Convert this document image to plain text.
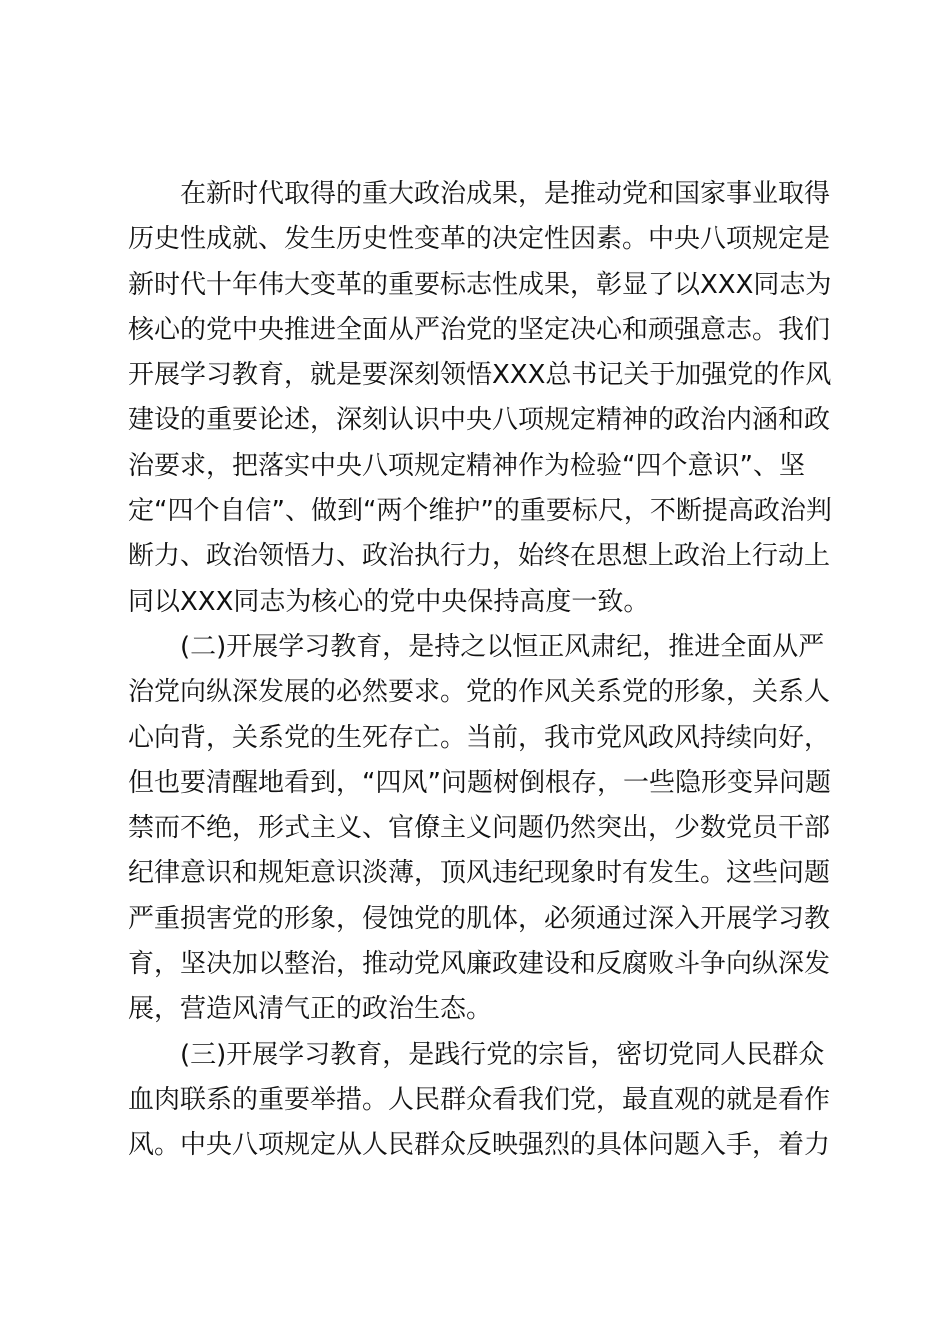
在新时代取得的重大政治成果，是推动党和国家事业取得
历史性成就、发生历史性变革的决定性因素。中央八项规定是
新时代十年伟大变革的重要标志性成果，彰显了以XXX同志为
核心的党中央推进全面从严治党的坚定决心和顽强意志。我们
开展学习教育，就是要深刻领悟XXX总书记关于加强党的作风
建设的重要论述，深刻认识中央八项规定精神的政治内涵和政
治要求，把落实中央八项规定精神作为检验“四个意识”、坚
定“四个自信”、做到“两个维护”的重要标尺，不断提高政治判
断力、政治领悟力、政治执行力，始终在思想上政治上行动上
同以XXX同志为核心的党中央保持高度一致。
(二)开展学习教育，是持之以恒正风肃纪，推进全面从严
治党向纵深发展的必然要求。党的作风关系党的形象，关系人
心向背，关系党的生死存亡。当前，我市党风政风持续向好，
但也要清醒地看到，“四风”问题树倒根存，一些隐形变异问题
禁而不绝，形式主义、官僚主义问题仍然突出，少数党员干部
纪律意识和规矩意识淡薄，顶风违纪现象时有发生。这些问题
严重损害党的形象，侵蚀党的肌体，必须通过深入开展学习教
育，坚决加以整治，推动党风廉政建设和反腐败斗争向纵深发
展，营造风清气正的政治生态。
(三)开展学习教育，是践行党的宗旨，密切党同人民群众
血肉联系的重要举措。人民群众看我们党，最直观的就是看作
风。中央八项规定从人民群众反映强烈的具体问题入手，着力
